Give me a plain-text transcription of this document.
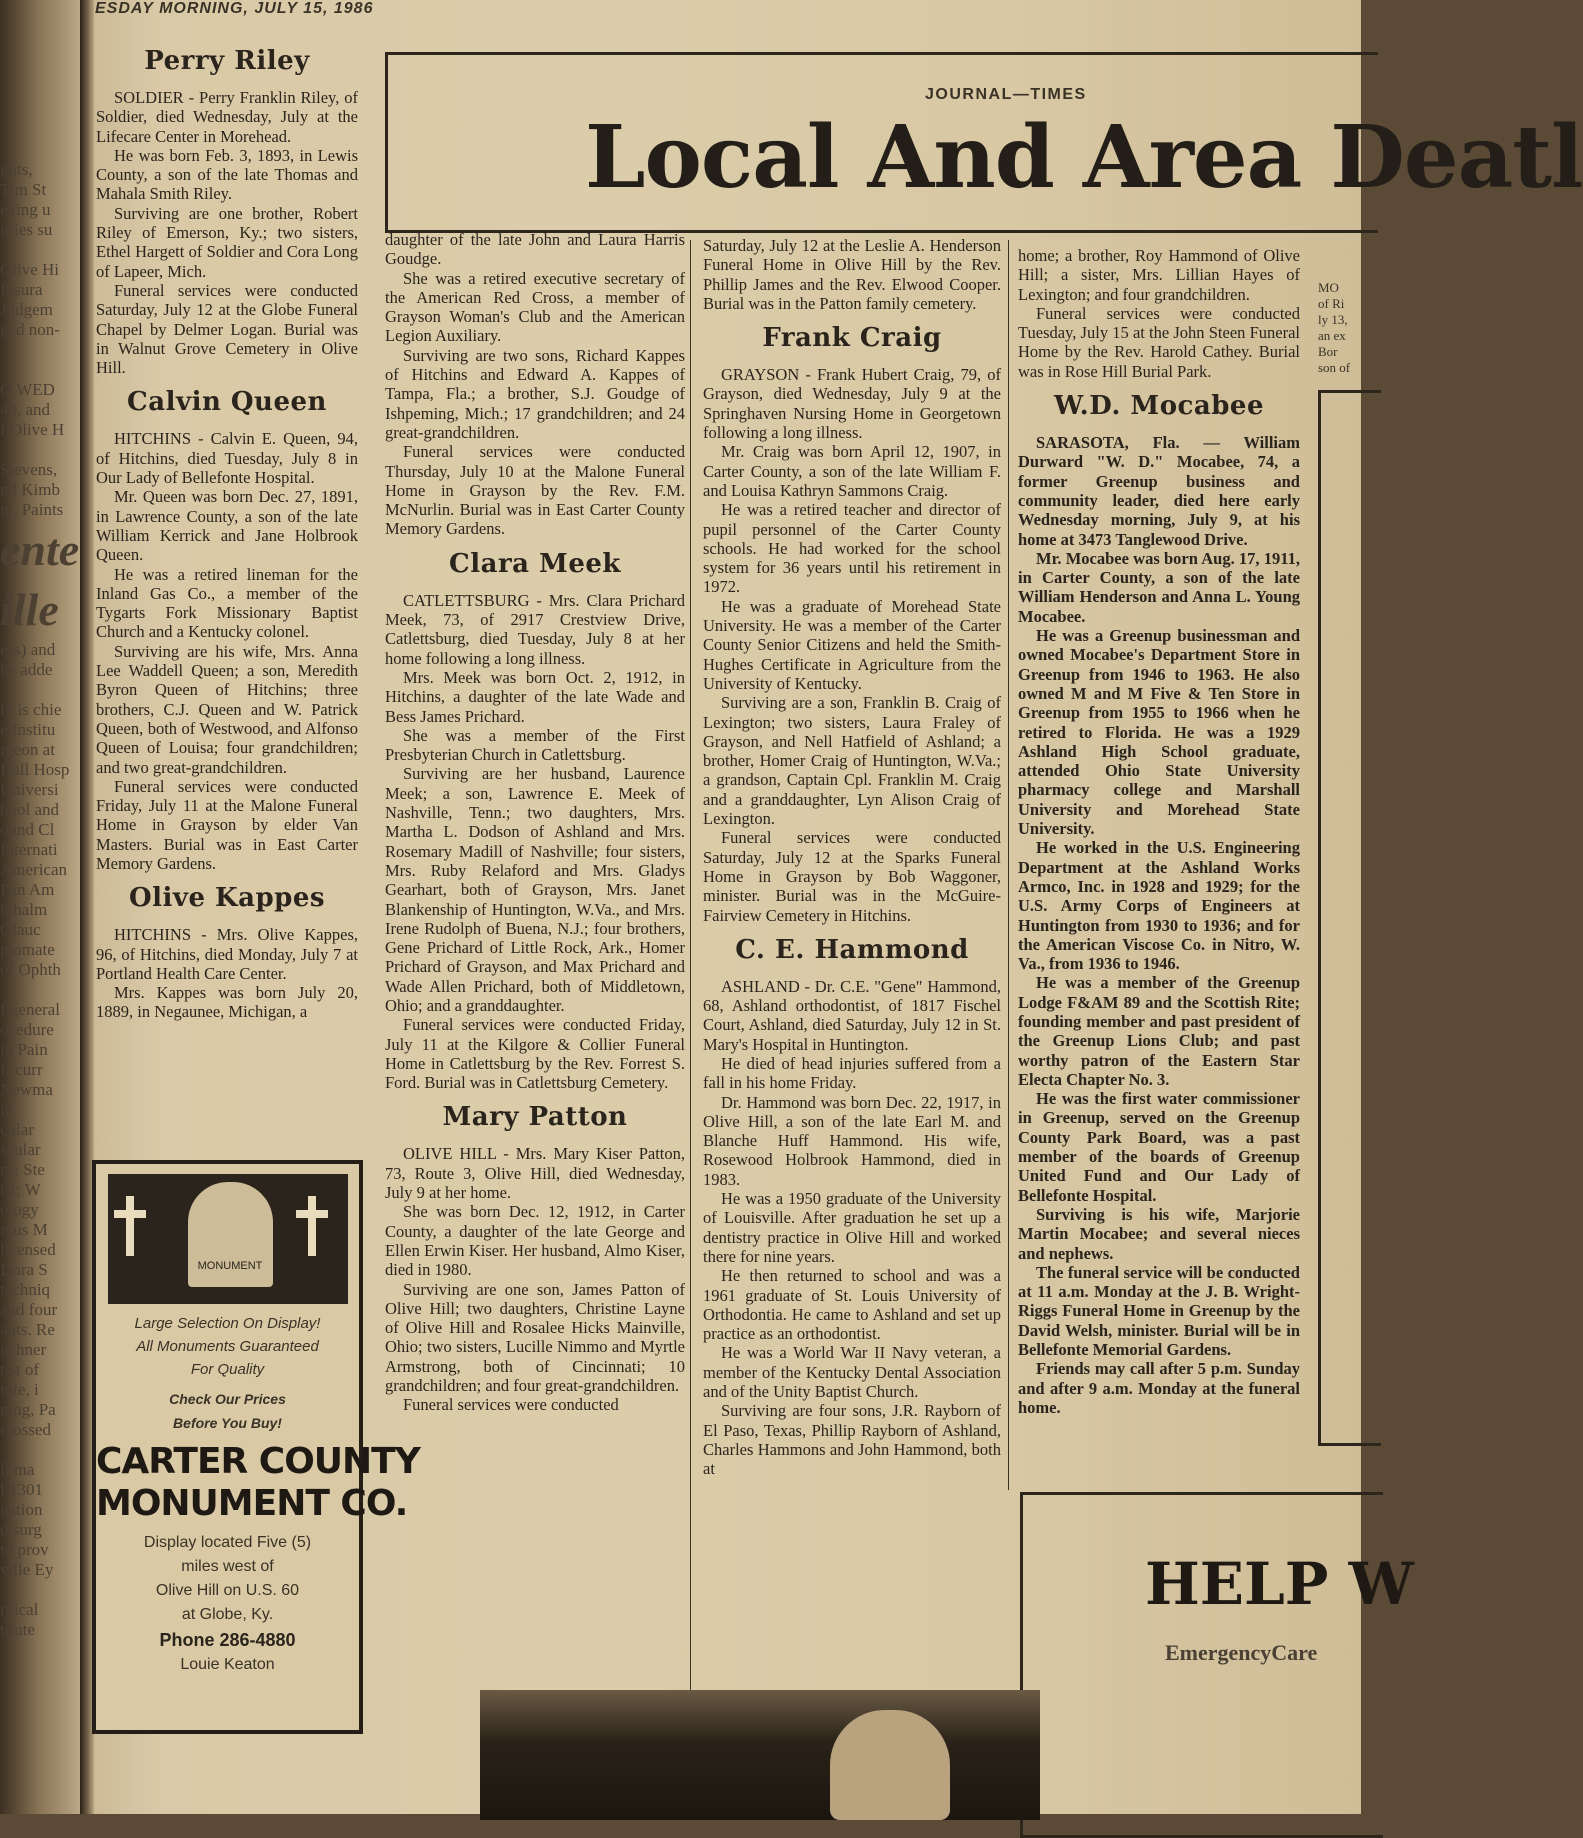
ghts,
Tim St
eking u
uries su

Olive Hi
Insura
Judgem
ged non-

O WED
44, and
f Olive H

Stevens,
nd Kimb
nt, Paints
ente
ille
ess) and
be adde

ix is chie
e Institu
rgeon at
Hall Hosp
Universi
hool and
ound Cl
Internati
American
Pan Am
hthalm
Glauc
plomate
of Ophth

f general
ocedure
in Pain
ff curr
Newma
in
cular
scular
ry; Ste
ist; W
ology
rcus M
licensed
Dora S
techniq
and four
ants. Re
uchner
tist of
tute, i
ning, Pa
crossed

ll ma
l 1301
uation
d surg
to prov
ville Ey

rgical
titute
ESDAY MORNING, JULY 15, 1986
Perry Riley

SOLDIER - Perry Franklin Riley, of Soldier, died Wednesday, July at the Lifecare Center in Morehead.

He was born Feb. 3, 1893, in Lewis County, a son of the late Thomas and Mahala Smith Riley.

Surviving are one brother, Robert Riley of Emerson, Ky.; two sisters, Ethel Hargett of Soldier and Cora Long of Lapeer, Mich.

Funeral services were conducted Saturday, July 12 at the Globe Funeral Chapel by Delmer Logan. Burial was in Walnut Grove Cemetery in Olive Hill.

Calvin Queen

HITCHINS - Calvin E. Queen, 94, of Hitchins, died Tuesday, July 8 in Our Lady of Bellefonte Hospital.

Mr. Queen was born Dec. 27, 1891, in Lawrence County, a son of the late William Kerrick and Jane Holbrook Queen.

He was a retired lineman for the Inland Gas Co., a member of the Tygarts Fork Missionary Baptist Church and a Kentucky colonel.

Surviving are his wife, Mrs. Anna Lee Waddell Queen; a son, Meredith Byron Queen of Hitchins; three brothers, C.J. Queen and W. Patrick Queen, both of Westwood, and Alfonso Queen of Louisa; four grandchildren; and two great-grandchildren.

Funeral services were conducted Friday, July 11 at the Malone Funeral Home in Grayson by elder Van Masters. Burial was in East Carter Memory Gardens.

Olive Kappes

HITCHINS - Mrs. Olive Kappes, 96, of Hitchins, died Monday, July 7 at Portland Health Care Center.

Mrs. Kappes was born July 20, 1889, in Negaunee, Michigan, a

MONUMENT
Large Selection On Display!
All Monuments Guaranteed
For Quality
Check Our Prices
Before You Buy!
CARTER COUNTY
MONUMENT CO.
Display located Five (5)
miles west of
Olive Hill on U.S. 60
at Globe, Ky.
Phone 286-4880
Louie Keaton
JOURNAL—TIMES
Local And Area Deatl

daughter of the late John and Laura Harris Goudge.

She was a retired executive secretary of the American Red Cross, a member of Grayson Woman's Club and the American Legion Auxiliary.

Surviving are two sons, Richard Kappes of Hitchins and Edward A. Kappes of Tampa, Fla.; a brother, S.J. Goudge of Ishpeming, Mich.; 17 grandchildren; and 24 great-grandchildren.

Funeral services were conducted Thursday, July 10 at the Malone Funeral Home in Grayson by the Rev. F.M. McNurlin. Burial was in East Carter County Memory Gardens.

Clara Meek

CATLETTSBURG - Mrs. Clara Prichard Meek, 73, of 2917 Crestview Drive, Catlettsburg, died Tuesday, July 8 at her home following a long illness.

Mrs. Meek was born Oct. 2, 1912, in Hitchins, a daughter of the late Wade and Bess James Prichard.

She was a member of the First Presbyterian Church in Catlettsburg.

Surviving are her husband, Laurence Meek; a son, Lawrence E. Meek of Nashville, Tenn.; two daughters, Mrs. Martha L. Dodson of Ashland and Mrs. Rosemary Madill of Nashville; four sisters, Mrs. Ruby Relaford and Mrs. Gladys Gearhart, both of Grayson, Mrs. Janet Blankenship of Huntington, W.Va., and Mrs. Irene Rudolph of Buena, N.J.; four brothers, Gene Prichard of Little Rock, Ark., Homer Prichard of Grayson, and Max Prichard and Wade Allen Prichard, both of Middletown, Ohio; and a granddaughter.

Funeral services were conducted Friday, July 11 at the Kilgore & Collier Funeral Home in Catlettsburg by the Rev. Forrest S. Ford. Burial was in Catlettsburg Cemetery.

Mary Patton

OLIVE HILL - Mrs. Mary Kiser Patton, 73, Route 3, Olive Hill, died Wednesday, July 9 at her home.

She was born Dec. 12, 1912, in Carter County, a daughter of the late George and Ellen Erwin Kiser. Her husband, Almo Kiser, died in 1980.

Surviving are one son, James Patton of Olive Hill; two daughters, Christine Layne of Olive Hill and Rosalee Hicks Mainville, Ohio; two sisters, Lucille Nimmo and Myrtle Armstrong, both of Cincinnati; 10 grandchildren; and four great-grandchildren.

Funeral services were conducted

Saturday, July 12 at the Leslie A. Henderson Funeral Home in Olive Hill by the Rev. Phillip James and the Rev. Elwood Cooper. Burial was in the Patton family cemetery.

Frank Craig

GRAYSON - Frank Hubert Craig, 79, of Grayson, died Wednesday, July 9 at the Springhaven Nursing Home in Georgetown following a long illness.

Mr. Craig was born April 12, 1907, in Carter County, a son of the late William F. and Louisa Kathryn Sammons Craig.

He was a retired teacher and director of pupil personnel of the Carter County schools. He had worked for the school system for 36 years until his retirement in 1972.

He was a graduate of Morehead State University. He was a member of the Carter County Senior Citizens and held the Smith-Hughes Certificate in Agriculture from the University of Kentucky.

Surviving are a son, Franklin B. Craig of Lexington; two sisters, Laura Fraley of Grayson, and Nell Hatfield of Ashland; a brother, Homer Craig of Huntington, W.Va.; a grandson, Captain Cpl. Franklin M. Craig and a granddaughter, Lyn Alison Craig of Lexington.

Funeral services were conducted Saturday, July 12 at the Sparks Funeral Home in Grayson by Bob Waggoner, minister. Burial was in the McGuire-Fairview Cemetery in Hitchins.

C. E. Hammond

ASHLAND - Dr. C.E. "Gene" Hammond, 68, Ashland orthodontist, of 1817 Fischel Court, Ashland, died Saturday, July 12 in St. Mary's Hospital in Huntington.

He died of head injuries suffered from a fall in his home Friday.

Dr. Hammond was born Dec. 22, 1917, in Olive Hill, a son of the late Earl M. and Blanche Huff Hammond. His wife, Rosewood Holbrook Hammond, died in 1983.

He was a 1950 graduate of the University of Louisville. After graduation he set up a dentistry practice in Olive Hill and worked there for nine years.

He then returned to school and was a 1961 graduate of St. Louis University of Orthodontia. He came to Ashland and set up practice as an orthodontist.

He was a World War II Navy veteran, a member of the Kentucky Dental Association and of the Unity Baptist Church.

Surviving are four sons, J.R. Rayborn of El Paso, Texas, Phillip Rayborn of Ashland, Charles Hammons and John Hammond, both at

home; a brother, Roy Hammond of Olive Hill; a sister, Mrs. Lillian Hayes of Lexington; and four grandchildren.

Funeral services were conducted Tuesday, July 15 at the John Steen Funeral Home by the Rev. Harold Cathey. Burial was in Rose Hill Burial Park.

W.D. Mocabee

SARASOTA, Fla. — William Durward "W. D." Mocabee, 74, a former Greenup business and community leader, died here early Wednesday morning, July 9, at his home at 3473 Tanglewood Drive.

Mr. Mocabee was born Aug. 17, 1911, in Carter County, a son of the late William Henderson and Anna L. Young Mocabee.

He was a Greenup businessman and owned Mocabee's Department Store in Greenup from 1946 to 1963. He also owned M and M Five & Ten Store in Greenup from 1955 to 1966 when he retired to Florida. He was a 1929 Ashland High School graduate, attended Ohio State University pharmacy college and Marshall University and Morehead State University.

He worked in the U.S. Engineering Department at the Ashland Works Armco, Inc. in 1928 and 1929; for the U.S. Army Corps of Engineers at Huntington from 1930 to 1936; and for the American Viscose Co. in Nitro, W. Va., from 1936 to 1946.

He was a member of the Greenup Lodge F&AM 89 and the Scottish Rite; founding member and past president of the Greenup Lions Club; and past worthy patron of the Eastern Star Electa Chapter No. 3.

He was the first water commissioner in Greenup, served on the Greenup County Park Board, was a past member of the boards of Greenup United Fund and Our Lady of Bellefonte Hospital.

Surviving is his wife, Marjorie Martin Mocabee; and several nieces and nephews.

The funeral service will be conducted at 11 a.m. Monday at the J. B. Wright-Riggs Funeral Home in Greenup by the David Welsh, minister. Burial will be in Bellefonte Memorial Gardens.

Friends may call after 5 p.m. Sunday and after 9 a.m. Monday at the funeral home.

MO
of Ri
ly 13,
an ex
Bor
son of
HELP W
EmergencyCare
